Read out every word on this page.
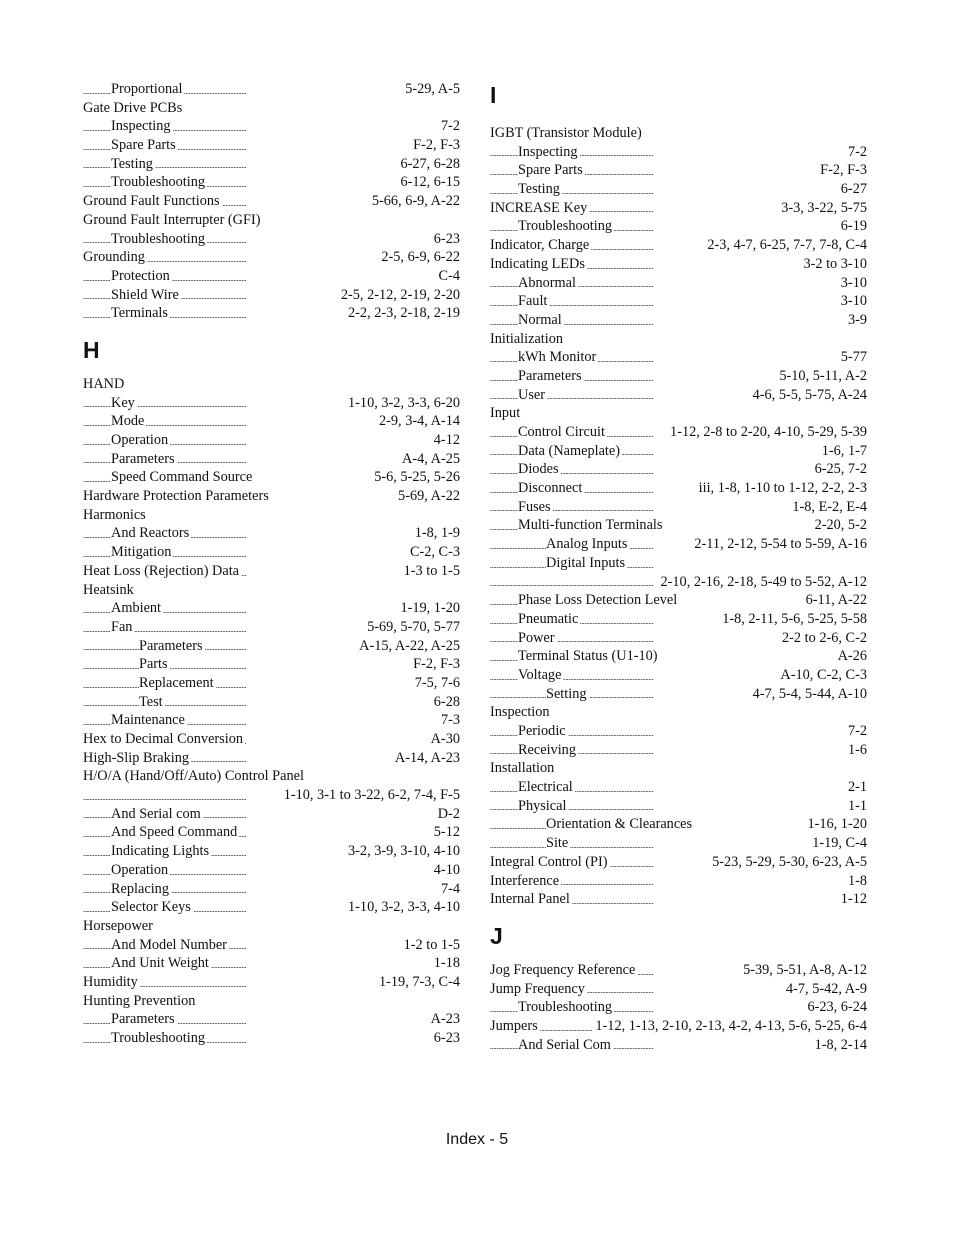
Proportional	5-29, A-5
. . .
Gate Drive PCBs
Inspecting	7-2
. . .
Spare Parts	F-2, F-3
. . .
Testing	6-27, 6-28
. . .
Troubleshooting	6-12, 6-15
. . .
Ground Fault Functions	5-66, 6-9, A-22
. . .
Ground Fault Interrupter (GFI)
Troubleshooting	6-23
. . .
Grounding	2-5, 6-9, 6-22
. . .
Protection	C-4
. . .
Shield Wire	2-5, 2-12, 2-19, 2-20
. . .
Terminals	2-2, 2-3, 2-18, 2-19
. . .
H
HAND
Key	1-10, 3-2, 3-3, 6-20
. . .
Mode	2-9, 3-4, A-14
. . .
Operation	4-12
. . .
Parameters	A-4, A-25
. . .
Speed Command Source	5-6, 5-25, 5-26
. . .
Hardware Protection Parameters	5-69, A-22
. . .
Harmonics
And Reactors	1-8, 1-9
. . .
Mitigation	C-2, C-3
. . .
Heat Loss (Rejection) Data	1-3 to 1-5
. . .
Heatsink
Ambient	1-19, 1-20
. . .
Fan	5-69, 5-70, 5-77
. . .
Parameters	A-15, A-22, A-25
. . .
Parts	F-2, F-3
. . .
Replacement	7-5, 7-6
. . .
Test	6-28
. . .
Maintenance	7-3
. . .
Hex to Decimal Conversion	A-30
. . .
High-Slip Braking	A-14, A-23
. . .
H/O/A (Hand/Off/Auto) Control Panel . . .
1-10, 3-1 to 3-22, 6-2, 7-4, F-5
. . .
And Serial com	D-2
. . .
And Speed Command	5-12
. . .
Indicating Lights	3-2, 3-9, 3-10, 4-10
. . .
Operation	4-10
. . .
Replacing	7-4
. . .
Selector Keys	1-10, 3-2, 3-3, 4-10
. . .
Horsepower
And Model Number	1-2 to 1-5
. . .
And Unit Weight	1-18
. . .
Humidity	1-19, 7-3, C-4
. . .
Hunting Prevention
Parameters	A-23
. . .
Troubleshooting	6-23
. . .
I
IGBT (Transistor Module)
Inspecting	7-2
. . .
Spare Parts	F-2, F-3
. . .
Testing	6-27
. . .
INCREASE Key	3-3, 3-22, 5-75
. . .
Troubleshooting	6-19
. . .
Indicator, Charge	2-3, 4-7, 6-25, 7-7, 7-8, C-4
. . .
Indicating LEDs	3-2 to 3-10
. . .
Abnormal	3-10
. . .
Fault	3-10
. . .
Normal	3-9
. . .
Initialization
kWh Monitor	5-77
. . .
Parameters	5-10, 5-11, A-2
. . .
User	4-6, 5-5, 5-75, A-24
. . .
Input
Control Circuit	1-12, 2-8 to 2-20, 4-10, 5-29, 5-39
. . .
Data (Nameplate)	1-6, 1-7
. . .
Diodes	6-25, 7-2
. . .
Disconnect	iii, 1-8, 1-10 to 1-12, 2-2, 2-3
. . .
Fuses	1-8, E-2, E-4
. . .
Multi-function Terminals	2-20, 5-2
. . .
Analog Inputs	2-11, 2-12, 5-54 to 5-59, A-16
. . .
Digital Inputs . . .
2-10, 2-16, 2-18, 5-49 to 5-52, A-12
. . .
Phase Loss Detection Level	6-11, A-22
. . .
Pneumatic	1-8, 2-11, 5-6, 5-25, 5-58
. . .
Power	2-2 to 2-6, C-2
. . .
Terminal Status (U1-10)	A-26
. . .
Voltage	A-10, C-2, C-3
. . .
Setting	4-7, 5-4, 5-44, A-10
. . .
Inspection
Periodic	7-2
. . .
Receiving	1-6
. . .
Installation
Electrical	2-1
. . .
Physical	1-1
. . .
Orientation & Clearances	1-16, 1-20
. . .
Site	1-19, C-4
. . .
Integral Control (PI)	5-23, 5-29, 5-30, 6-23, A-5
. . .
Interference	1-8
. . .
Internal Panel	1-12
. . .
J
Jog Frequency Reference	5-39, 5-51, A-8, A-12
. . .
Jump Frequency	4-7, 5-42, A-9
. . .
Troubleshooting	6-23, 6-24
. . .
Jumpers	1-12, 1-13, 2-10, 2-13, 4-2, 4-13, 5-6, 5-25, 6-4
. . .
And Serial Com	1-8, 2-14
. . .
Index - 5
